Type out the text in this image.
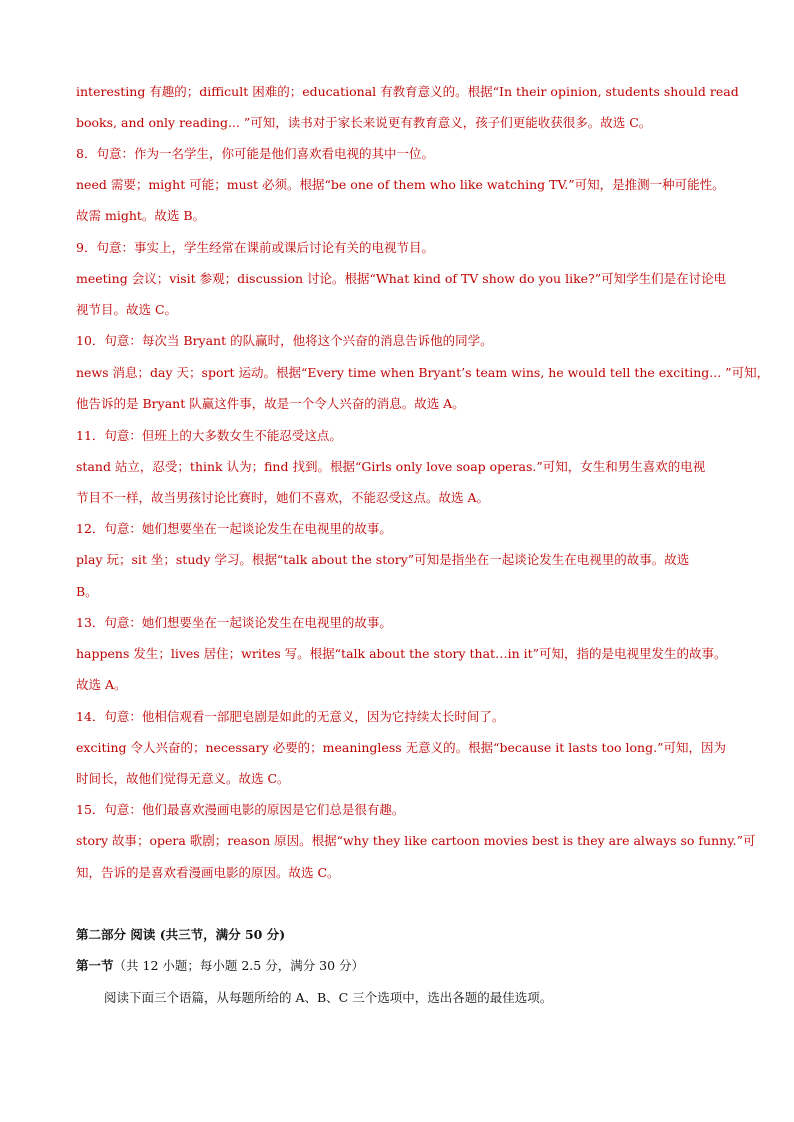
interesting 有趣的；difficult 困难的；educational 有教育意义的。根据“In their opinion, students should read
books, and only reading... ”可知，读书对于家长来说更有教育意义，孩子们更能收获很多。故选 C。
8．句意：作为一名学生，你可能是他们喜欢看电视的其中一位。
need 需要；might 可能；must 必须。根据“be one of them who like watching TV.”可知，是推测一种可能性。
故需 might。故选 B。
9．句意：事实上，学生经常在课前或课后讨论有关的电视节目。
meeting 会议；visit 参观；discussion 讨论。根据“What kind of TV show do you like?”可知学生们是在讨论电
视节目。故选 C。
10．句意：每次当 Bryant 的队赢时，他将这个兴奋的消息告诉他的同学。
news 消息；day 天；sport 运动。根据“Every time when Bryant’s team wins, he would tell the exciting... ”可知，
他告诉的是 Bryant 队赢这件事，故是一个令人兴奋的消息。故选 A。
11．句意：但班上的大多数女生不能忍受这点。
stand 站立，忍受；think 认为；find 找到。根据“Girls only love soap operas.”可知，女生和男生喜欢的电视
节目不一样，故当男孩讨论比赛时，她们不喜欢，不能忍受这点。故选 A。
12．句意：她们想要坐在一起谈论发生在电视里的故事。
play 玩；sit 坐；study 学习。根据“talk about the story”可知是指坐在一起谈论发生在电视里的故事。故选
B。
13．句意：她们想要坐在一起谈论发生在电视里的故事。
happens 发生；lives 居住；writes 写。根据“talk about the story that…in it”可知，指的是电视里发生的故事。
故选 A。
14．句意：他相信观看一部肥皂剧是如此的无意义，因为它持续太长时间了。
exciting 令人兴奋的；necessary 必要的；meaningless 无意义的。根据“because it lasts too long.”可知，因为
时间长，故他们觉得无意义。故选 C。
15．句意：他们最喜欢漫画电影的原因是它们总是很有趣。
story 故事；opera 歌剧；reason 原因。根据“why they like cartoon movies best is they are always so funny.”可
知，告诉的是喜欢看漫画电影的原因。故选 C。
第二部分 阅读 (共三节，满分 50 分)
第一节（共 12 小题；每小题 2.5 分，满分 30 分）
阅读下面三个语篇，从每题所给的 A、B、C 三个选项中，选出各题的最佳选项。
